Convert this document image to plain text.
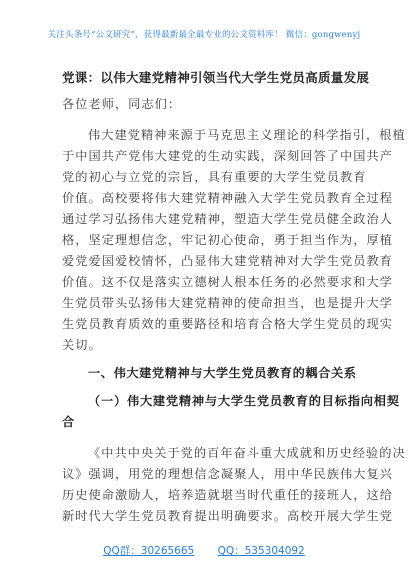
关注头条号“公文研究”，获得最新最全最专业的公文资料库！ 微信：gongwenyj
党课：以伟大建党精神引领当代大学生党员高质量发展
各位老师，同志们：
伟大建党精神来源于马克思主义理论的科学指引，根植
于中国共产党伟大建党的生动实践，深刻回答了中国共产
党的初心与立党的宗旨，具有重要的大学生党员教育
价值。高校要将伟大建党精神融入大学生党员教育全过程
通过学习弘扬伟大建党精神，塑造大学生党员健全政治人
格，坚定理想信念，牢记初心使命，勇于担当作为，厚植
爱党爱国爱校情怀，凸显伟大建党精神对大学生党员教育
价值。这不仅是落实立德树人根本任务的必然要求和大学
生党员带头弘扬伟大建党精神的使命担当，也是提升大学
生党员教育质效的重要路径和培育合格大学生党员的现实
关切。
一、伟大建党精神与大学生党员教育的耦合关系
（一）伟大建党精神与大学生党员教育的目标指向相契
合
《中共中央关于党的百年奋斗重大成就和历史经验的决
议》强调，用党的理想信念凝聚人，用中华民族伟大复兴
历史使命激励人，培养造就堪当时代重任的接班人，这给
新时代大学生党员教育提出明确要求。高校开展大学生党
QQ群：30265665 QQ：535304092
